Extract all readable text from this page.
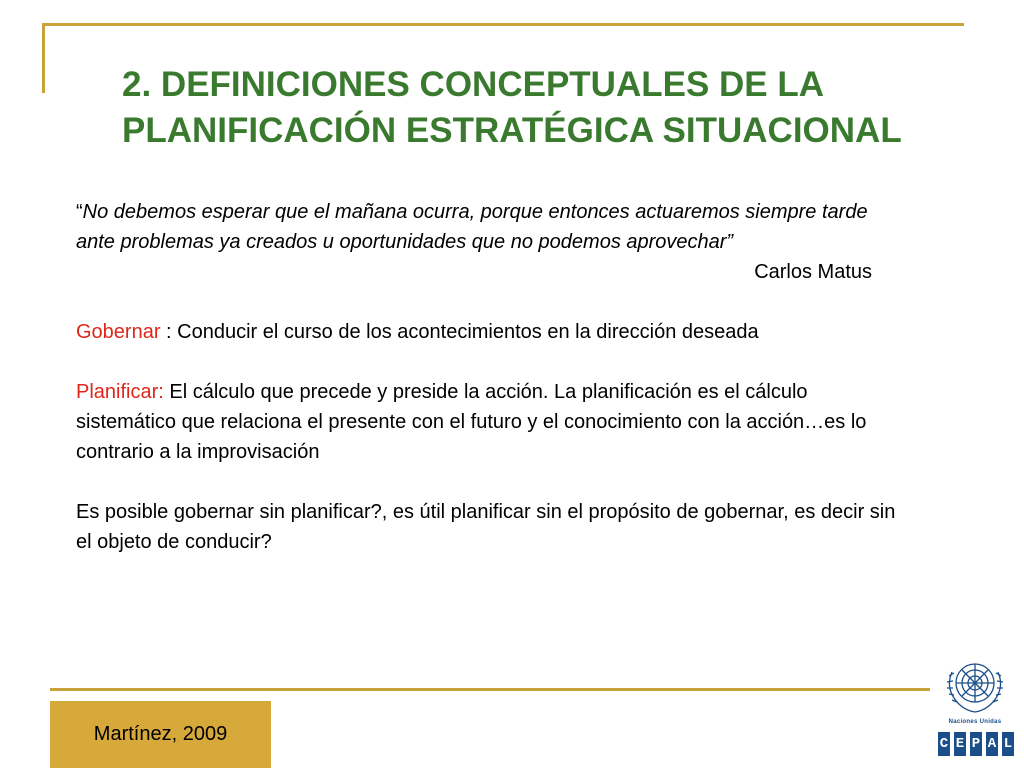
2. DEFINICIONES CONCEPTUALES DE LA
PLANIFICACIÓN ESTRATÉGICA SITUACIONAL

“No debemos esperar que el mañana ocurra, porque entonces actuaremos siempre tarde ante problemas ya creados u oportunidades que no podemos aprovechar”

Carlos Matus

Gobernar : Conducir el curso de los acontecimientos en la dirección deseada

Planificar: El cálculo que precede y preside la acción. La planificación es el cálculo sistemático que relaciona el presente con el futuro y el conocimiento con la acción…es lo contrario a la improvisación

Es posible gobernar sin planificar?, es útil planificar sin el propósito de gobernar, es decir sin el objeto de conducir?

Martínez, 2009
Naciones Unidas
C E P A L
